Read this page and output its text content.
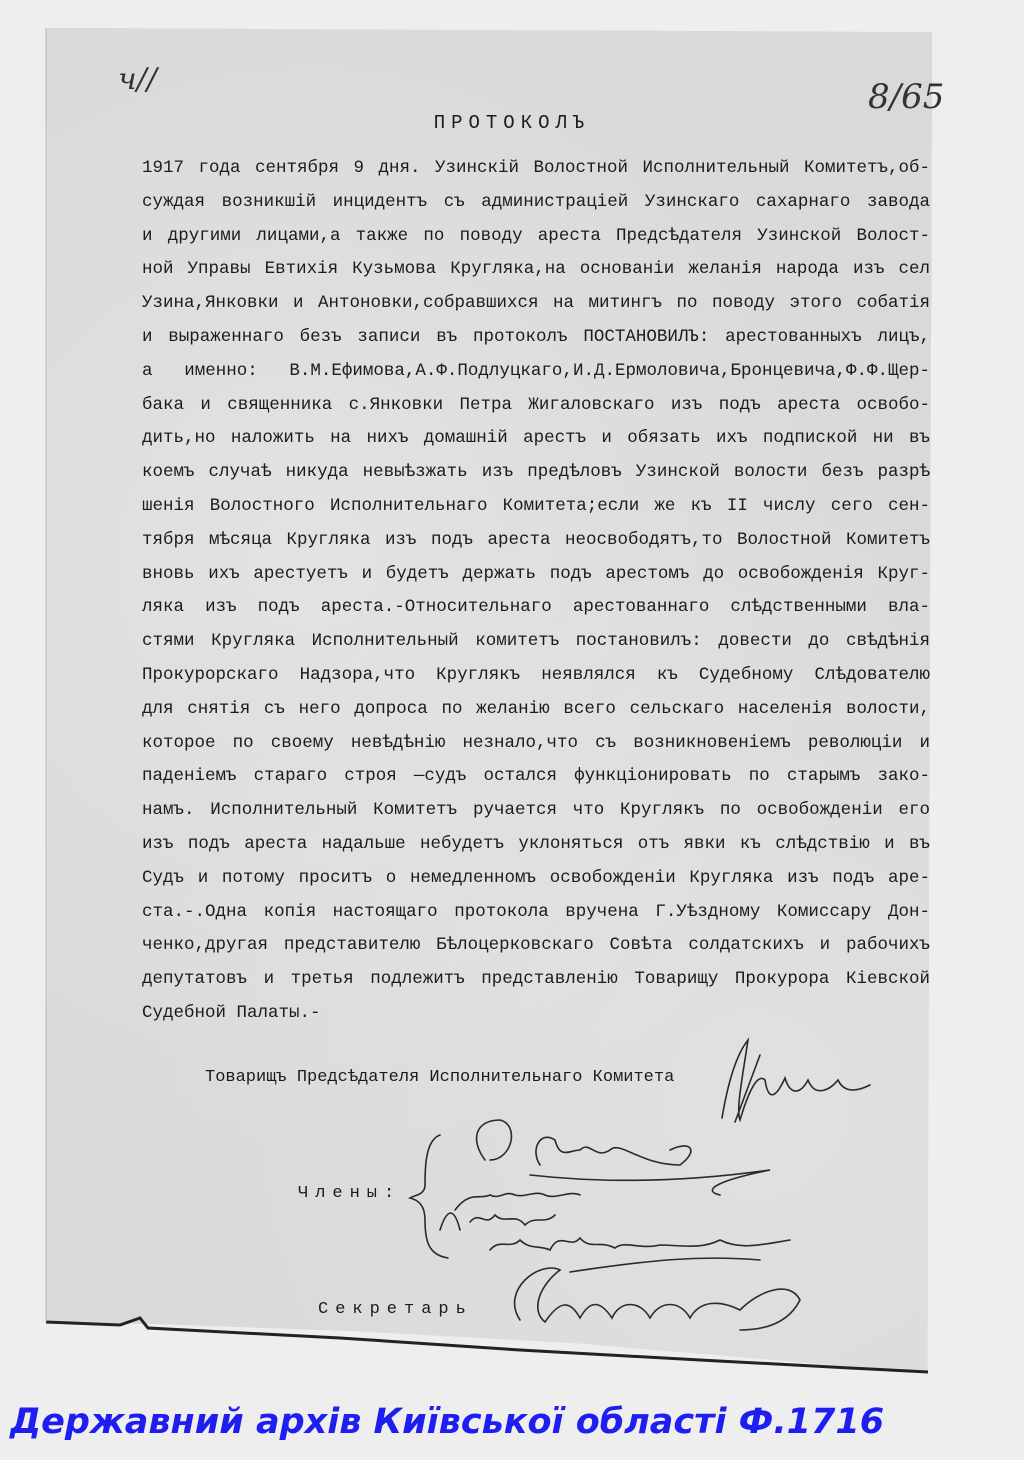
ч//	8/65
ПРОТОКОЛЪ
1917 года сентября 9 дня. Узинскій Волостной Исполнительный Комитетъ,об-
суждая возникшій инцидентъ съ администраціей Узинскаго сахарнаго завода
и другими лицами,а также по поводу ареста Предсѣдателя Узинской Волост-
ной Управы Евтихія Кузьмова Кругляка,на основаніи желанія народа изъ сел
Узина,Янковки и Антоновки,собравшихся на митингъ по поводу этого собатія
и выраженнаго безъ записи въ протоколъ ПОСТАНОВИЛЪ: арестованныхъ лицъ,
а именно: В.М.Ефимова,А.Ф.Подлуцкаго,И.Д.Ермоловича,Бронцевича,Ф.Ф.Щер-
бака и священника с.Янковки Петра Жигаловскаго изъ подъ ареста освобо-
дить,но наложить на нихъ домашній арестъ и обязать ихъ подпиской ни въ
коемъ случаѣ никуда невыѣзжать изъ предѣловъ Узинской волости безъ разрѣ
шенія Волостного Исполнительнаго Комитета;если же къ II числу сего сен-
тября мѣсяца Кругляка изъ подъ ареста неосвободятъ,то Волостной Комитетъ
вновь ихъ арестуетъ и будетъ держать подъ арестомъ до освобожденія Круг-
ляка изъ подъ ареста.-Относительнаго арестованнаго слѣдственными вла-
стями Кругляка Исполнительный комитетъ постановилъ: довести до свѣдѣнія
Прокурорскаго Надзора,что Круглякъ неявлялся къ Судебному Слѣдователю
для снятія съ него допроса по желанію всего сельскаго населенія волости,
которое по своему невѣдѣнію незнало,что съ возникновеніемъ революціи и
паденіемъ стараго строя —судъ остался функціонировать по старымъ зако-
намъ. Исполнительный Комитетъ ручается что Круглякъ по освобожденіи его
изъ подъ ареста надальше небудетъ уклоняться отъ явки къ слѣдствію и въ
Судъ и потому проситъ о немедленномъ освобожденіи Кругляка изъ подъ аре-
ста.-.Одна копія настоящаго протокола вручена Г.Уѣздному Комиссару Дон-
ченко,другая представителю Бѣлоцерковскаго Совѣта солдатскихъ и рабочихъ
депутатовъ и третья подлежитъ представленію Товарищу Прокурора Кіевской
Судебной Палаты.-
Товарищъ Предсѣдателя Исполнительнаго Комитета
Члены:
Секретарь
Державний архів Київської області Ф.1716
